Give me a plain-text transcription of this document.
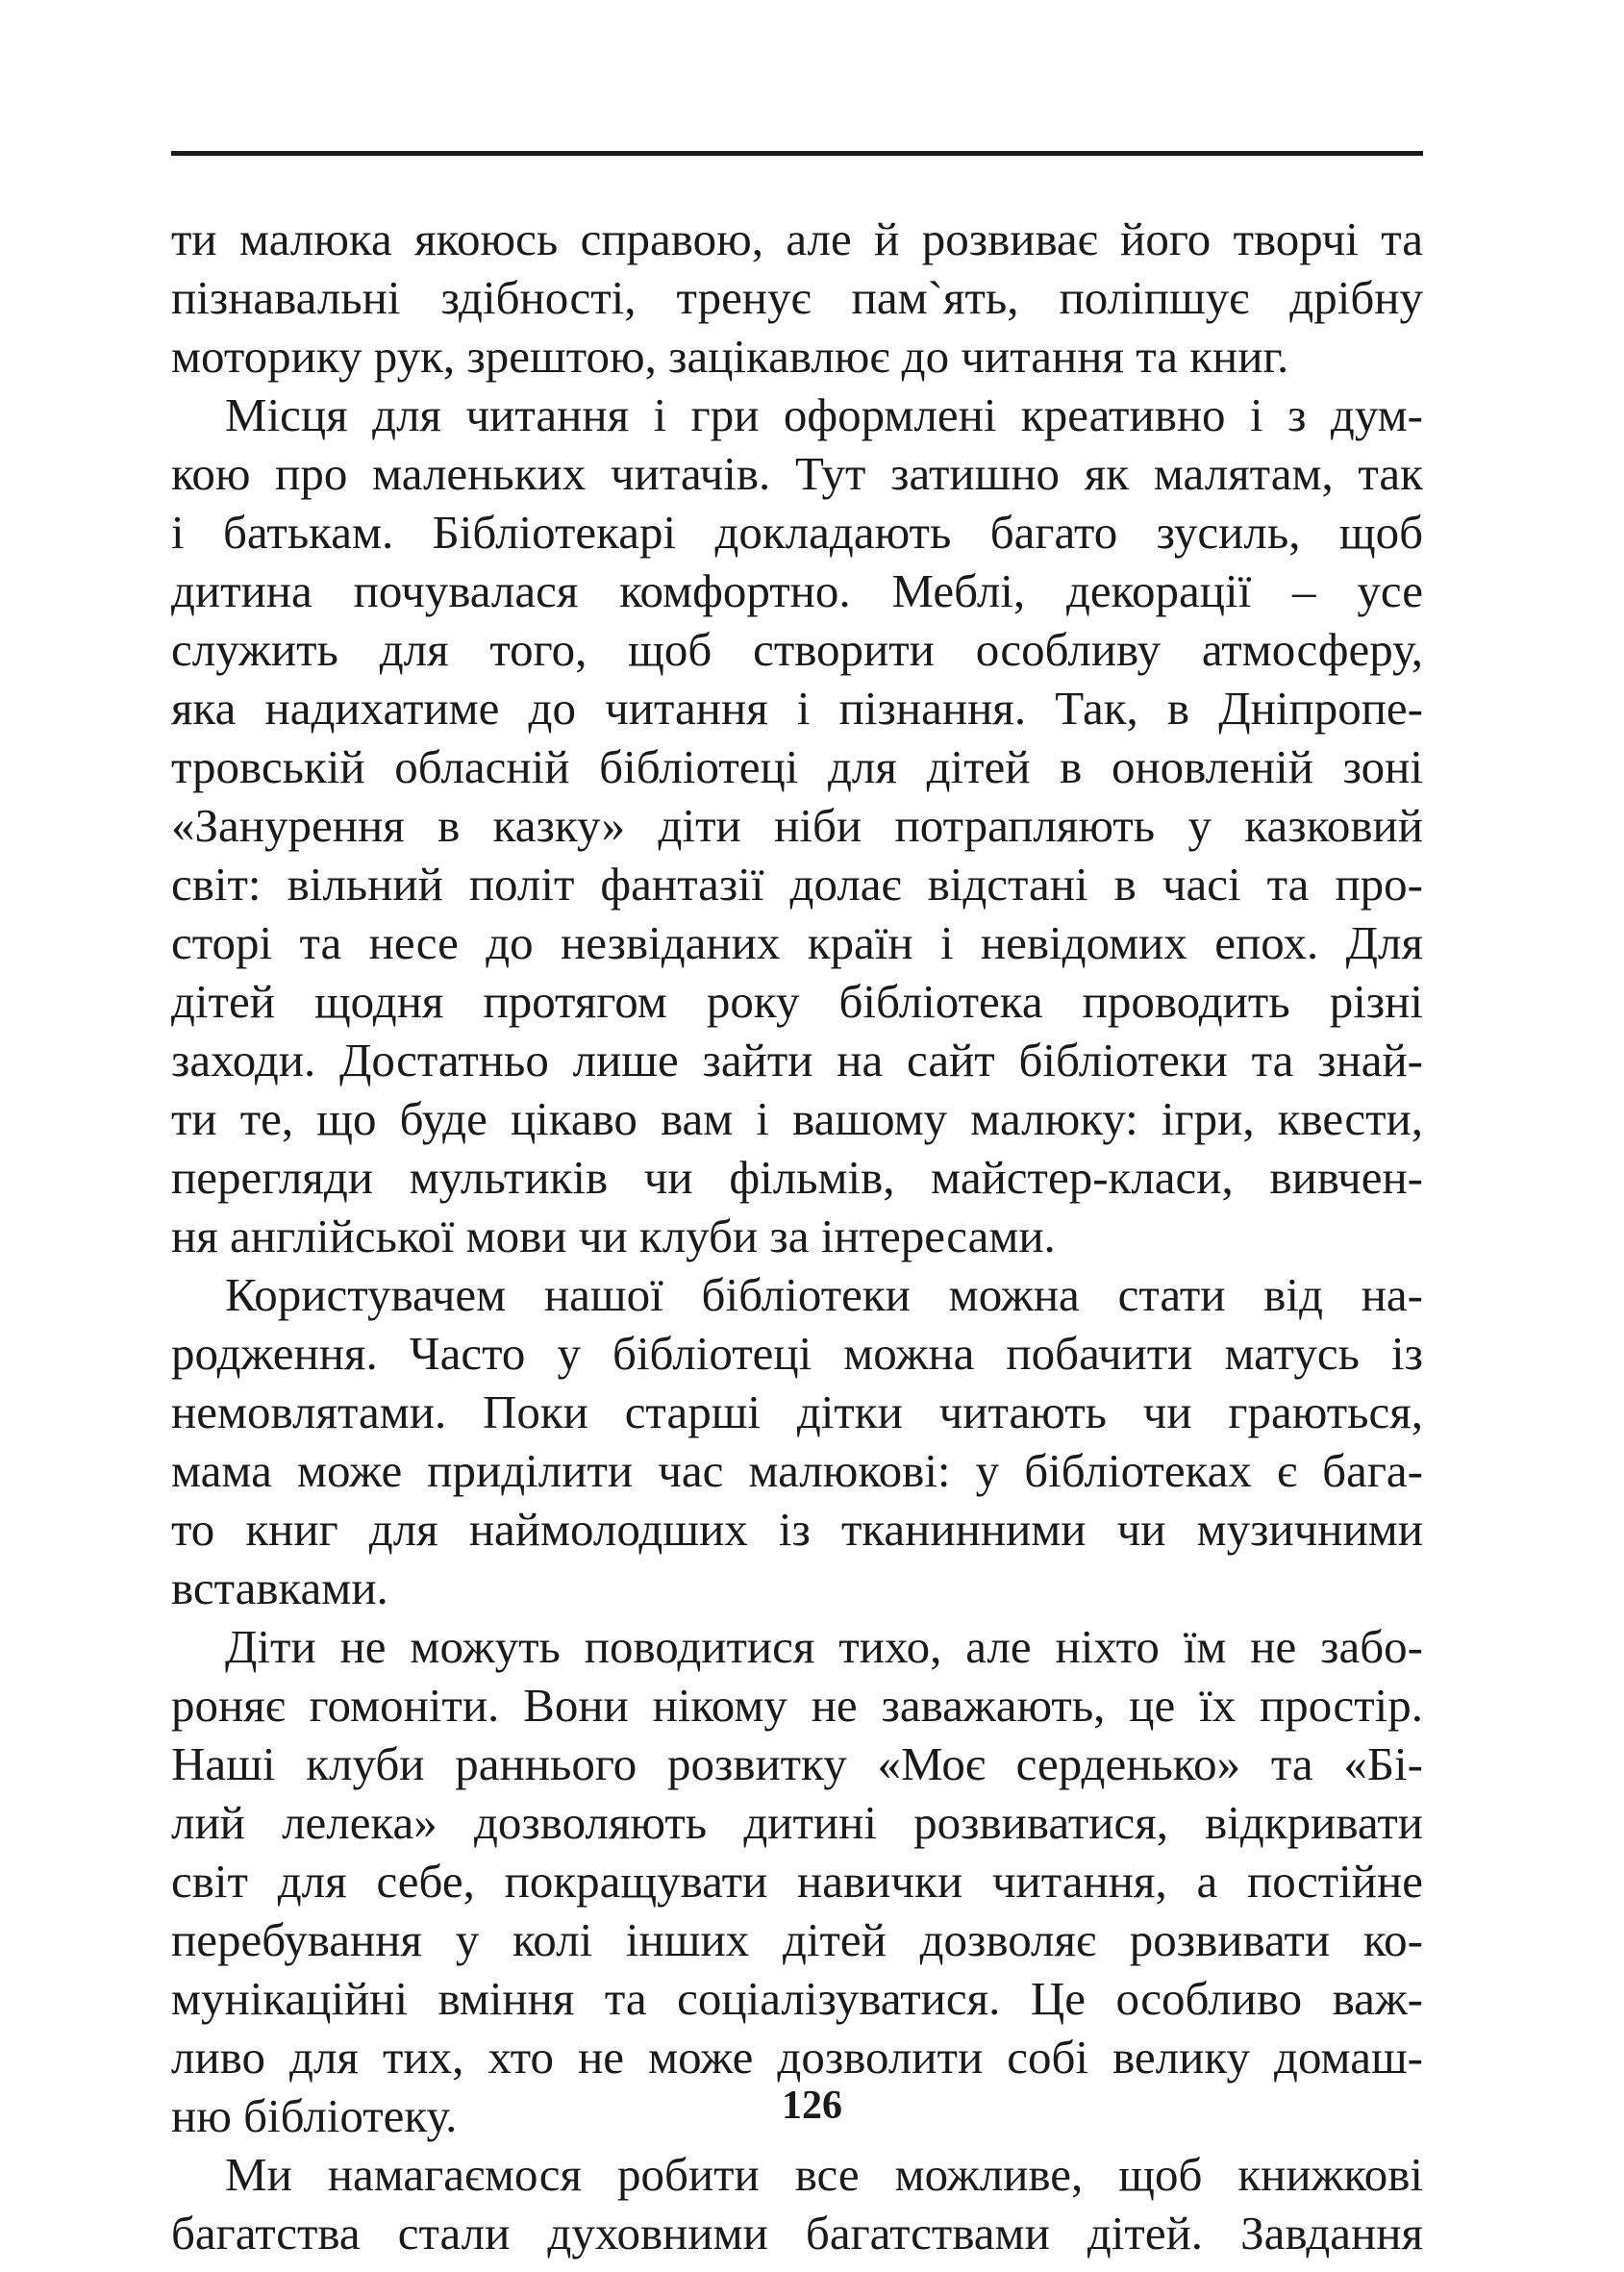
ти малюка якоюсь справою, але й розвиває його творчі та
пізнавальні здібності, тренує пам`ять, поліпшує дрібну
моторику рук, зрештою, зацікавлює до читання та книг.
Місця для читання і гри оформлені креативно і з дум-
кою про маленьких читачів. Тут затишно як малятам, так
і батькам. Бібліотекарі докладають багато зусиль, щоб
дитина почувалася комфортно. Меблі, декорації – усе
служить для того, щоб створити особливу атмосферу,
яка надихатиме до читання і пізнання. Так, в Дніпропе-
тровській обласній бібліотеці для дітей в оновленій зоні
«Занурення в казку» діти ніби потрапляють у казковий
світ: вільний політ фантазії долає відстані в часі та про-
сторі та несе до незвіданих країн і невідомих епох. Для
дітей щодня протягом року бібліотека проводить різні
заходи. Достатньо лише зайти на сайт бібліотеки та знай-
ти те, що буде цікаво вам і вашому малюку: ігри, квести,
перегляди мультиків чи фільмів, майстер-класи, вивчен-
ня англійської мови чи клуби за інтересами.
Користувачем нашої бібліотеки можна стати від на-
родження. Часто у бібліотеці можна побачити матусь із
немовлятами. Поки старші дітки читають чи граються,
мама може приділити час малюкові: у бібліотеках є бага-
то книг для наймолодших із тканинними чи музичними
вставками.
Діти не можуть поводитися тихо, але ніхто їм не забо-
роняє гомоніти. Вони нікому не заважають, це їх простір.
Наші клуби раннього розвитку «Моє серденько» та «Бі-
лий лелека» дозволяють дитині розвиватися, відкривати
світ для себе, покращувати навички читання, а постійне
перебування у колі інших дітей дозволяє розвивати ко-
мунікаційні вміння та соціалізуватися. Це особливо важ-
ливо для тих, хто не може дозволити собі велику домаш-
ню бібліотеку.
Ми намагаємося робити все можливе, щоб книжкові
багатства стали духовними багатствами дітей. Завдання
126
